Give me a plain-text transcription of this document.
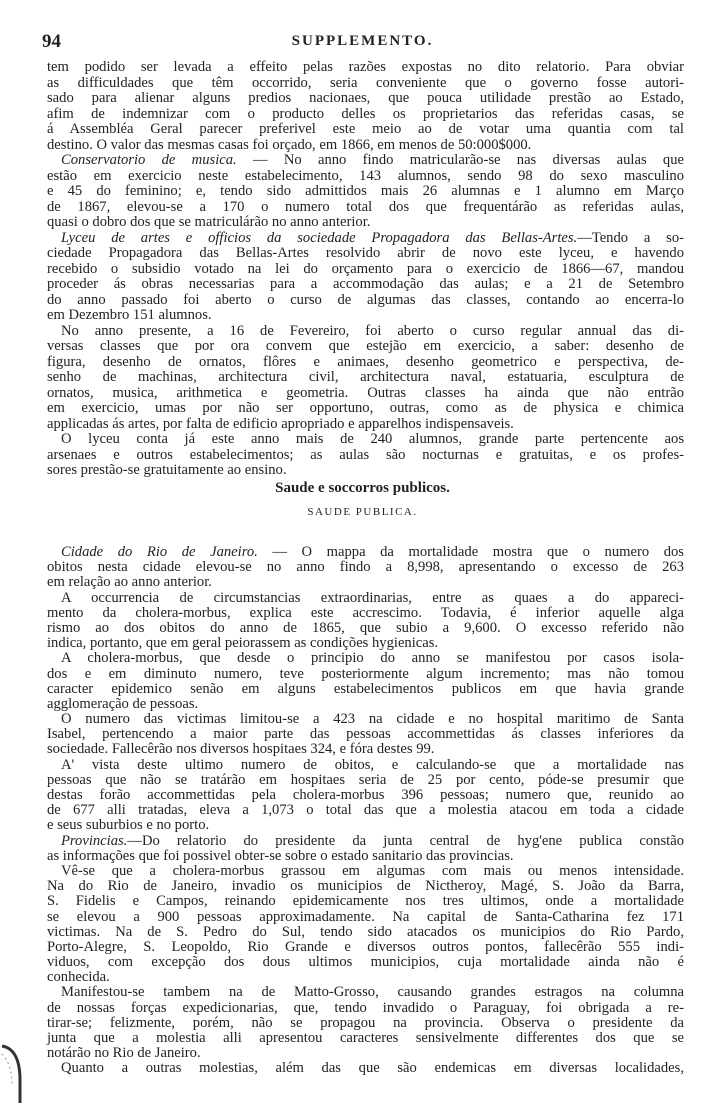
94	SUPPLEMENTO.
tem podido ser levada a effeito pelas razões expostas no dito relatorio. Para obviar
as difficuldades que têm occorrido, seria conveniente que o governo fosse autori-
sado para alienar alguns predios nacionaes, que pouca utilidade prestão ao Estado,
afim de indemnizar com o producto delles os proprietarios das referidas casas, se
á Assembléa Geral parecer preferivel este meio ao de votar uma quantia com tal
destino. O valor das mesmas casas foi orçado, em 1866, em menos de 50:000$000.
Conservatorio de musica. — No anno findo matricularão-se nas diversas aulas que
estão em exercicio neste estabelecimento, 143 alumnos, sendo 98 do sexo masculino
e 45 do feminino; e, tendo sido admittidos mais 26 alumnas e 1 alumno em Março
de 1867, elevou-se a 170 o numero total dos que frequentárão as referidas aulas,
quasi o dobro dos que se matriculárão no anno anterior.
Lyceu de artes e officios da sociedade Propagadora das Bellas-Artes.—Tendo a so-
ciedade Propagadora das Bellas-Artes resolvido abrir de novo este lyceu, e havendo
recebido o subsidio votado na lei do orçamento para o exercicio de 1866—67, mandou
proceder ás obras necessarias para a accommodação das aulas; e a 21 de Setembro
do anno passado foi aberto o curso de algumas das classes, contando ao encerra-lo
em Dezembro 151 alumnos.
No anno presente, a 16 de Fevereiro, foi aberto o curso regular annual das di-
versas classes que por ora convem que estejão em exercicio, a saber: desenho de
figura, desenho de ornatos, flôres e animaes, desenho geometrico e perspectiva, de-
senho de machinas, architectura civil, architectura naval, estatuaria, esculptura de
ornatos, musica, arithmetica e geometria. Outras classes ha ainda que não entrão
em exercicio, umas por não ser opportuno, outras, como as de physica e chimica
applicadas ás artes, por falta de edificio apropriado e apparelhos indispensaveis.
O lyceu conta já este anno mais de 240 alumnos, grande parte pertencente aos
arsenaes e outros estabelecimentos; as aulas são nocturnas e gratuitas, e os profes-
sores prestão-se gratuitamente ao ensino.
Saude e soccorros publicos.
SAUDE PUBLICA.
Cidade do Rio de Janeiro. — O mappa da mortalidade mostra que o numero dos
obitos nesta cidade elevou-se no anno findo a 8,998, apresentando o excesso de 263
em relação ao anno anterior.
A occurrencia de circumstancias extraordinarias, entre as quaes a do appareci-
mento da cholera-morbus, explica este accrescimo. Todavia, é inferior aquelle alga
rismo ao dos obitos do anno de 1865, que subio a 9,600. O excesso referido não
indica, portanto, que em geral peiorassem as condições hygienicas.
A cholera-morbus, que desde o principio do anno se manifestou por casos isola-
dos e em diminuto numero, teve posteriormente algum incremento; mas não tomou
caracter epidemico senão em alguns estabelecimentos publicos em que havia grande
agglomeração de pessoas.
O numero das victimas limitou-se a 423 na cidade e no hospital maritimo de Santa
Isabel, pertencendo a maior parte das pessoas accommettidas ás classes inferiores da
sociedade. Fallecêrão nos diversos hospitaes 324, e fóra destes 99.
A' vista deste ultimo numero de obitos, e calculando-se que a mortalidade nas
pessoas que não se tratárão em hospitaes seria de 25 por cento, póde-se presumir que
destas forão accommettidas pela cholera-morbus 396 pessoas; numero que, reunido ao
de 677 alli tratadas, eleva a 1,073 o total das que a molestia atacou em toda a cidade
e seus suburbios e no porto.
Provincias.—Do relatorio do presidente da junta central de hyg'ene publica constão
as informações que foi possivel obter-se sobre o estado sanitario das provincias.
Vê-se que a cholera-morbus grassou em algumas com mais ou menos intensidade.
Na do Rio de Janeiro, invadio os municipios de Nictheroy, Magé, S. João da Barra,
S. Fidelis e Campos, reinando epidemicamente nos tres ultimos, onde a mortalidade
se elevou a 900 pessoas approximadamente. Na capital de Santa-Catharina fez 171
victimas. Na de S. Pedro do Sul, tendo sido atacados os municipios do Rio Pardo,
Porto-Alegre, S. Leopoldo, Rio Grande e diversos outros pontos, fallecêrão 555 indi-
viduos, com excepção dos dous ultimos municipios, cuja mortalidade ainda não é
conhecida.
Manifestou-se tambem na de Matto-Grosso, causando grandes estragos na columna
de nossas forças expedicionarias, que, tendo invadido o Paraguay, foi obrigada a re-
tirar-se; felizmente, porém, não se propagou na provincia. Observa o presidente da
junta que a molestia alli apresentou caracteres sensivelmente differentes dos que se
notárão no Rio de Janeiro.
Quanto a outras molestias, além das que são endemicas em diversas localidades,
